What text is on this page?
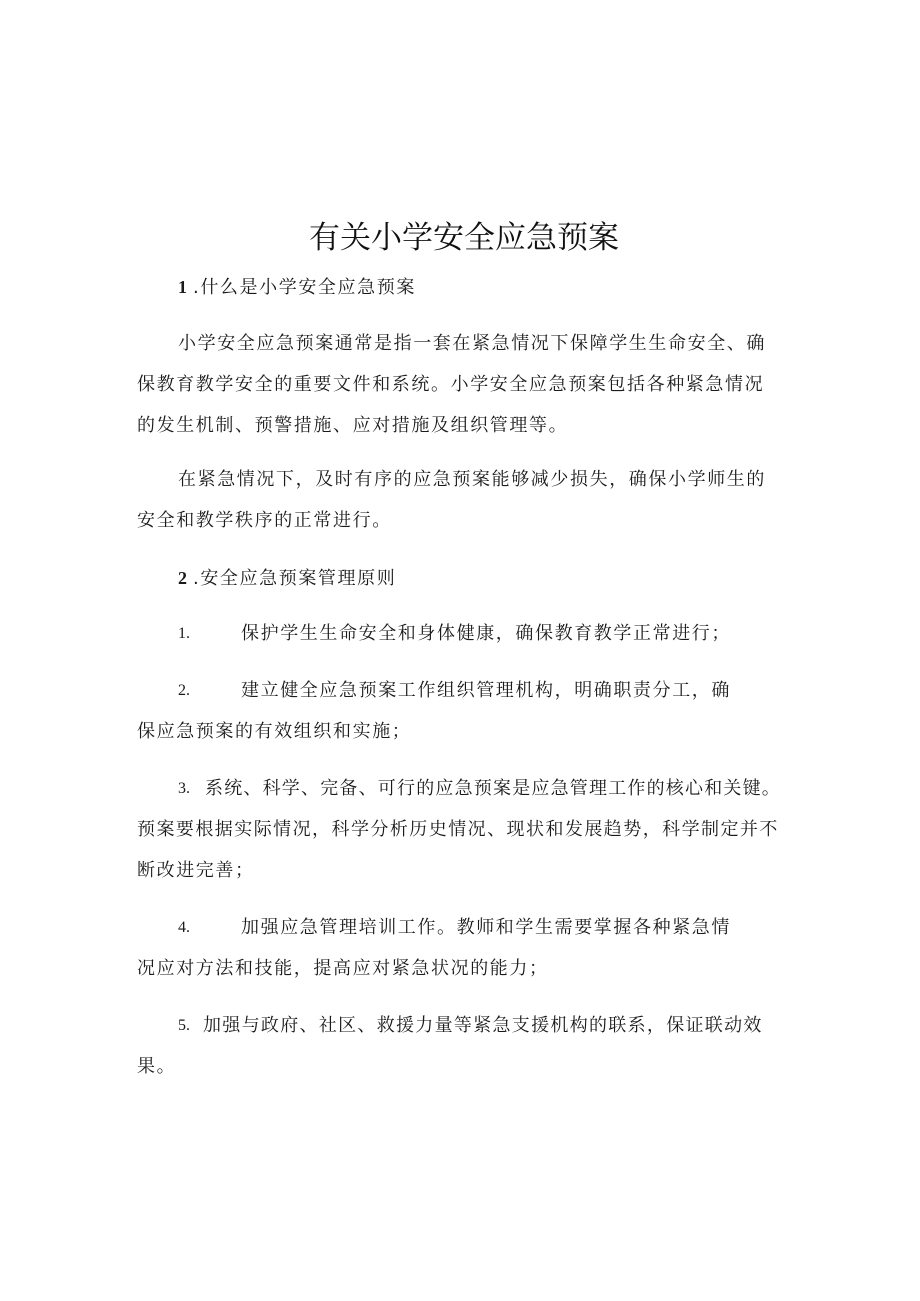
有关小学安全应急预案

1 .什么是小学安全应急预案

小学安全应急预案通常是指一套在紧急情况下保障学生生命安全、确

保教育教学安全的重要文件和系统。小学安全应急预案包括各种紧急情况

的发生机制、预警措施、应对措施及组织管理等。

在紧急情况下，及时有序的应急预案能够减少损失，确保小学师生的

安全和教学秩序的正常进行。

2 .安全应急预案管理原则

1.	保护学生生命安全和身体健康，确保教育教学正常进行；

2.	建立健全应急预案工作组织管理机构，明确职责分工，确

保应急预案的有效组织和实施；

3. 系统、科学、完备、可行的应急预案是应急管理工作的核心和关键。

预案要根据实际情况，科学分析历史情况、现状和发展趋势，科学制定并不

断改进完善；

4.	加强应急管理培训工作。教师和学生需要掌握各种紧急情

况应对方法和技能，提高应对紧急状况的能力；

5. 加强与政府、社区、救援力量等紧急支援机构的联系，保证联动效

果。
